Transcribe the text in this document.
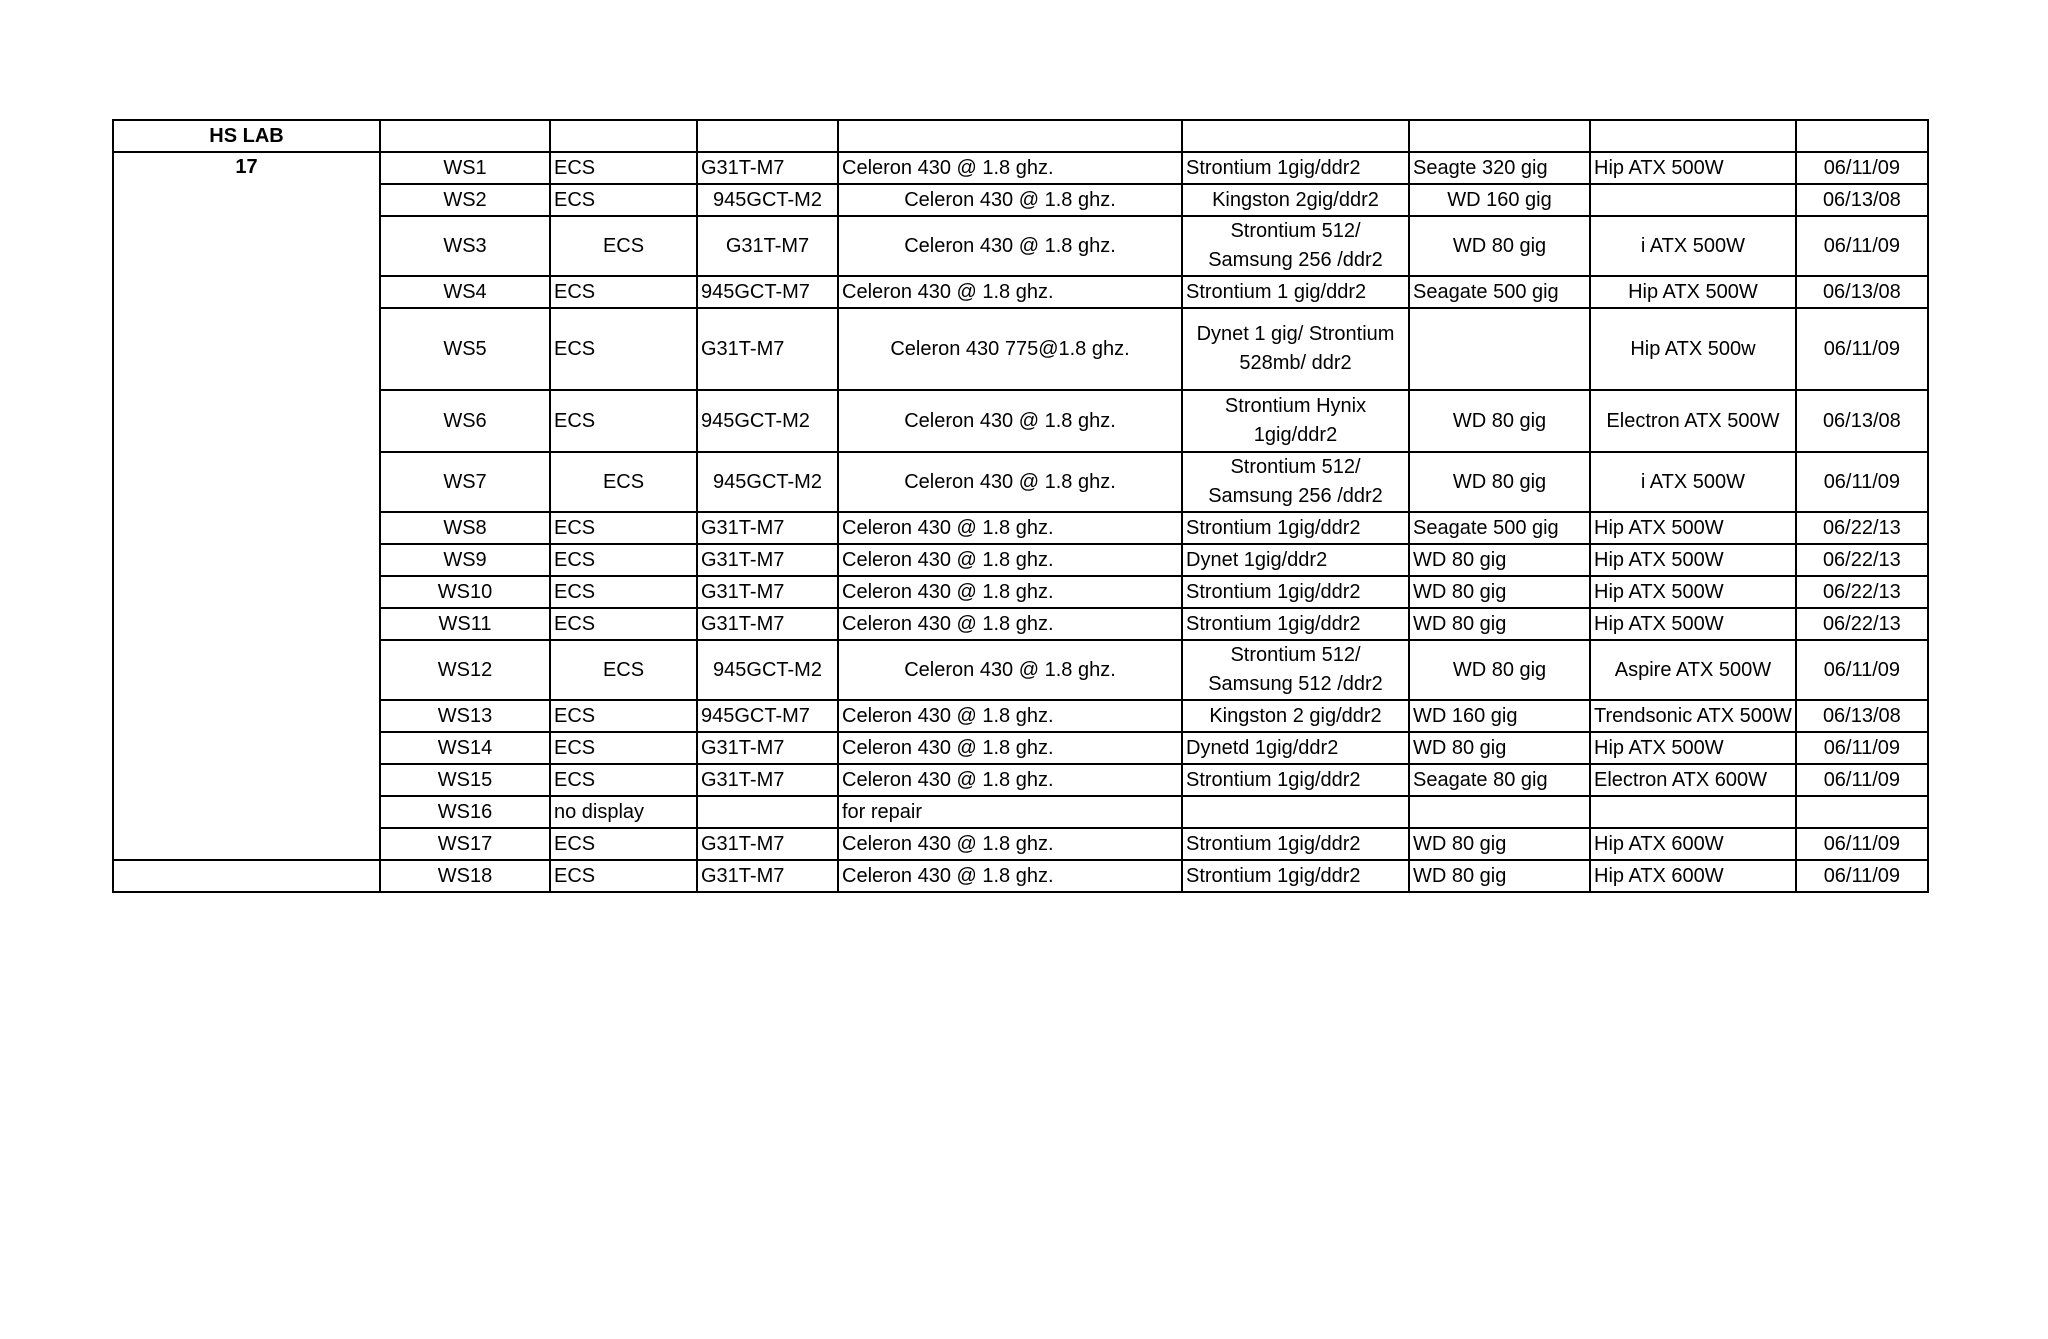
HS LAB								
17	WS1	ECS	G31T-M7	Celeron 430 @ 1.8 ghz.	Strontium 1gig/ddr2	Seagte 320 gig	Hip ATX 500W	06/11/09
	WS2	ECS	945GCT-M2	Celeron 430 @ 1.8 ghz.	Kingston 2gig/ddr2	WD 160 gig		06/13/08
	WS3	ECS	G31T-M7	Celeron 430 @ 1.8 ghz.	Strontium 512/ Samsung 256 /ddr2	WD 80 gig	i ATX 500W	06/11/09
	WS4	ECS	945GCT-M7	Celeron 430 @ 1.8 ghz.	Strontium 1 gig/ddr2	Seagate 500 gig	Hip ATX 500W	06/13/08
	WS5	ECS	G31T-M7	Celeron 430 775@1.8 ghz.	Dynet 1 gig/ Strontium 528mb/ ddr2		Hip ATX 500w	06/11/09
	WS6	ECS	945GCT-M2	Celeron 430 @ 1.8 ghz.	Strontium Hynix 1gig/ddr2	WD 80 gig	Electron ATX 500W	06/13/08
	WS7	ECS	945GCT-M2	Celeron 430 @ 1.8 ghz.	Strontium 512/ Samsung 256 /ddr2	WD 80 gig	i ATX 500W	06/11/09
	WS8	ECS	G31T-M7	Celeron 430 @ 1.8 ghz.	Strontium 1gig/ddr2	Seagate 500 gig	Hip ATX 500W	06/22/13
	WS9	ECS	G31T-M7	Celeron 430 @ 1.8 ghz.	Dynet 1gig/ddr2	WD 80 gig	Hip ATX 500W	06/22/13
	WS10	ECS	G31T-M7	Celeron 430 @ 1.8 ghz.	Strontium 1gig/ddr2	WD 80 gig	Hip ATX 500W	06/22/13
	WS11	ECS	G31T-M7	Celeron 430 @ 1.8 ghz.	Strontium 1gig/ddr2	WD 80 gig	Hip ATX 500W	06/22/13
	WS12	ECS	945GCT-M2	Celeron 430 @ 1.8 ghz.	Strontium 512/ Samsung 512 /ddr2	WD 80 gig	Aspire ATX 500W	06/11/09
	WS13	ECS	945GCT-M7	Celeron 430 @ 1.8 ghz.	Kingston 2 gig/ddr2	WD 160 gig	Trendsonic ATX 500W	06/13/08
	WS14	ECS	G31T-M7	Celeron 430 @ 1.8 ghz.	Dynetd 1gig/ddr2	WD 80 gig	Hip ATX 500W	06/11/09
	WS15	ECS	G31T-M7	Celeron 430 @ 1.8 ghz.	Strontium 1gig/ddr2	Seagate 80 gig	Electron ATX 600W	06/11/09
	WS16	no display		for repair				
	WS17	ECS	G31T-M7	Celeron 430 @ 1.8 ghz.	Strontium 1gig/ddr2	WD 80 gig	Hip ATX 600W	06/11/09
	WS18	ECS	G31T-M7	Celeron 430 @ 1.8 ghz.	Strontium 1gig/ddr2	WD 80 gig	Hip ATX 600W	06/11/09
